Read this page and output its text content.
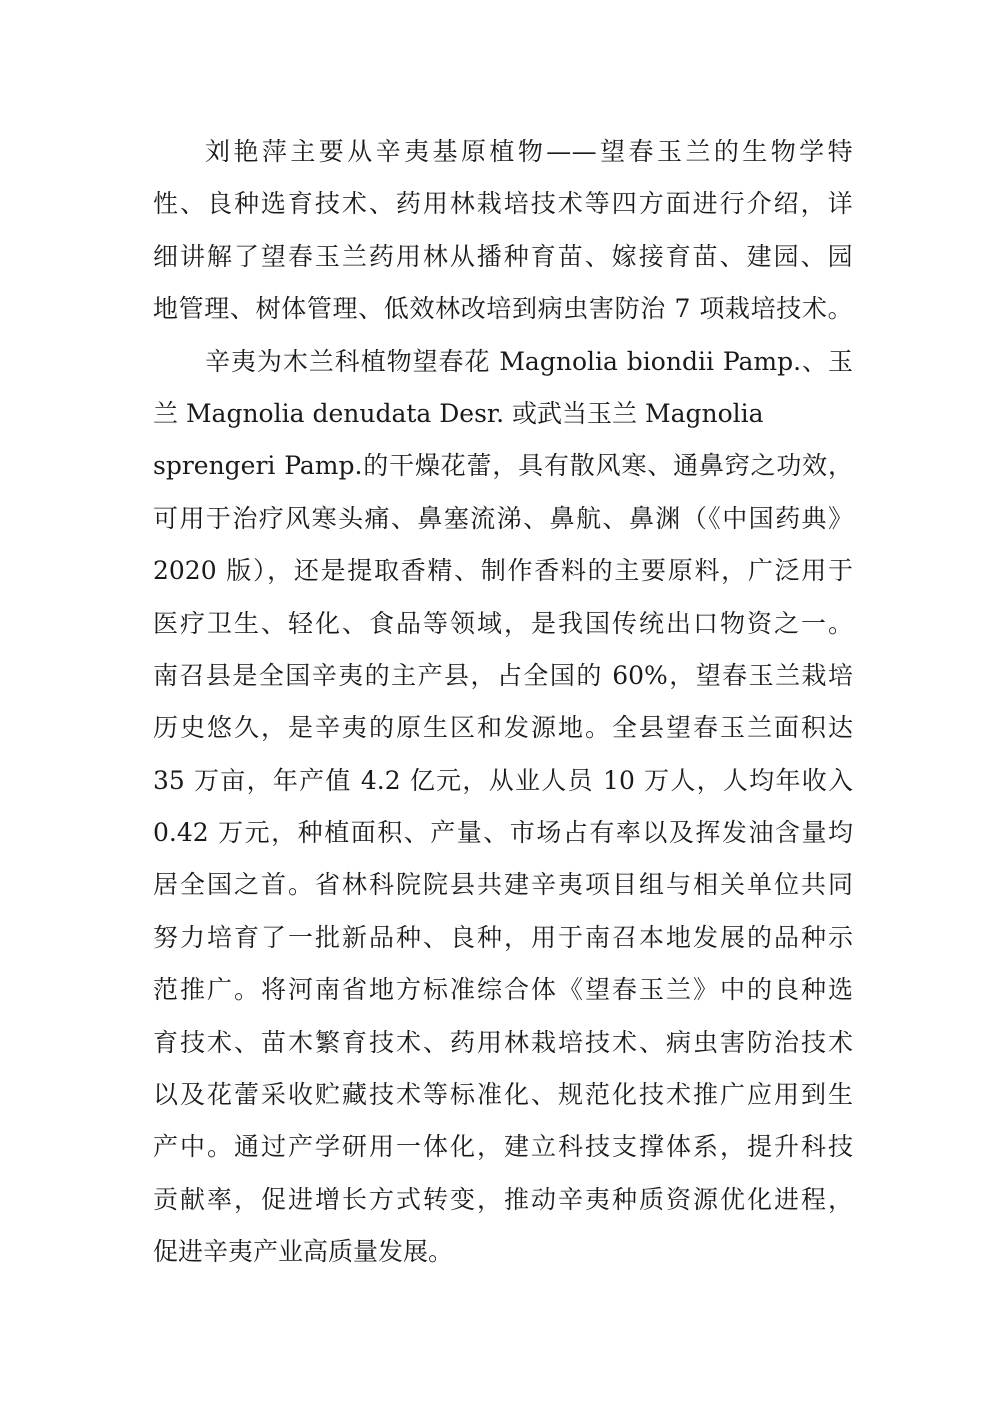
刘艳萍主要从辛夷基原植物——望春玉兰的生物学特
性、良种选育技术、药用林栽培技术等四方面进行介绍，详
细讲解了望春玉兰药用林从播种育苗、嫁接育苗、建园、园
地管理、树体管理、低效林改培到病虫害防治 7 项栽培技术。
辛夷为木兰科植物望春花 Magnolia biondii Pamp.、玉
兰 Magnolia denudata Desr. 或武当玉兰 Magnolia
sprengeri Pamp.的干燥花蕾，具有散风寒、通鼻窍之功效，
可用于治疗风寒头痛、鼻塞流涕、鼻航、鼻渊（《中国药典》
2020 版），还是提取香精、制作香料的主要原料，广泛用于
医疗卫生、轻化、食品等领域，是我国传统出口物资之一。
南召县是全国辛夷的主产县，占全国的 60%，望春玉兰栽培
历史悠久，是辛夷的原生区和发源地。全县望春玉兰面积达
35 万亩，年产值 4.2 亿元，从业人员 10 万人，人均年收入
0.42 万元，种植面积、产量、市场占有率以及挥发油含量均
居全国之首。省林科院院县共建辛夷项目组与相关单位共同
努力培育了一批新品种、良种，用于南召本地发展的品种示
范推广。将河南省地方标准综合体《望春玉兰》中的良种选
育技术、苗木繁育技术、药用林栽培技术、病虫害防治技术
以及花蕾采收贮藏技术等标准化、规范化技术推广应用到生
产中。通过产学研用一体化，建立科技支撑体系，提升科技
贡献率，促进增长方式转变，推动辛夷种质资源优化进程，
促进辛夷产业高质量发展。
